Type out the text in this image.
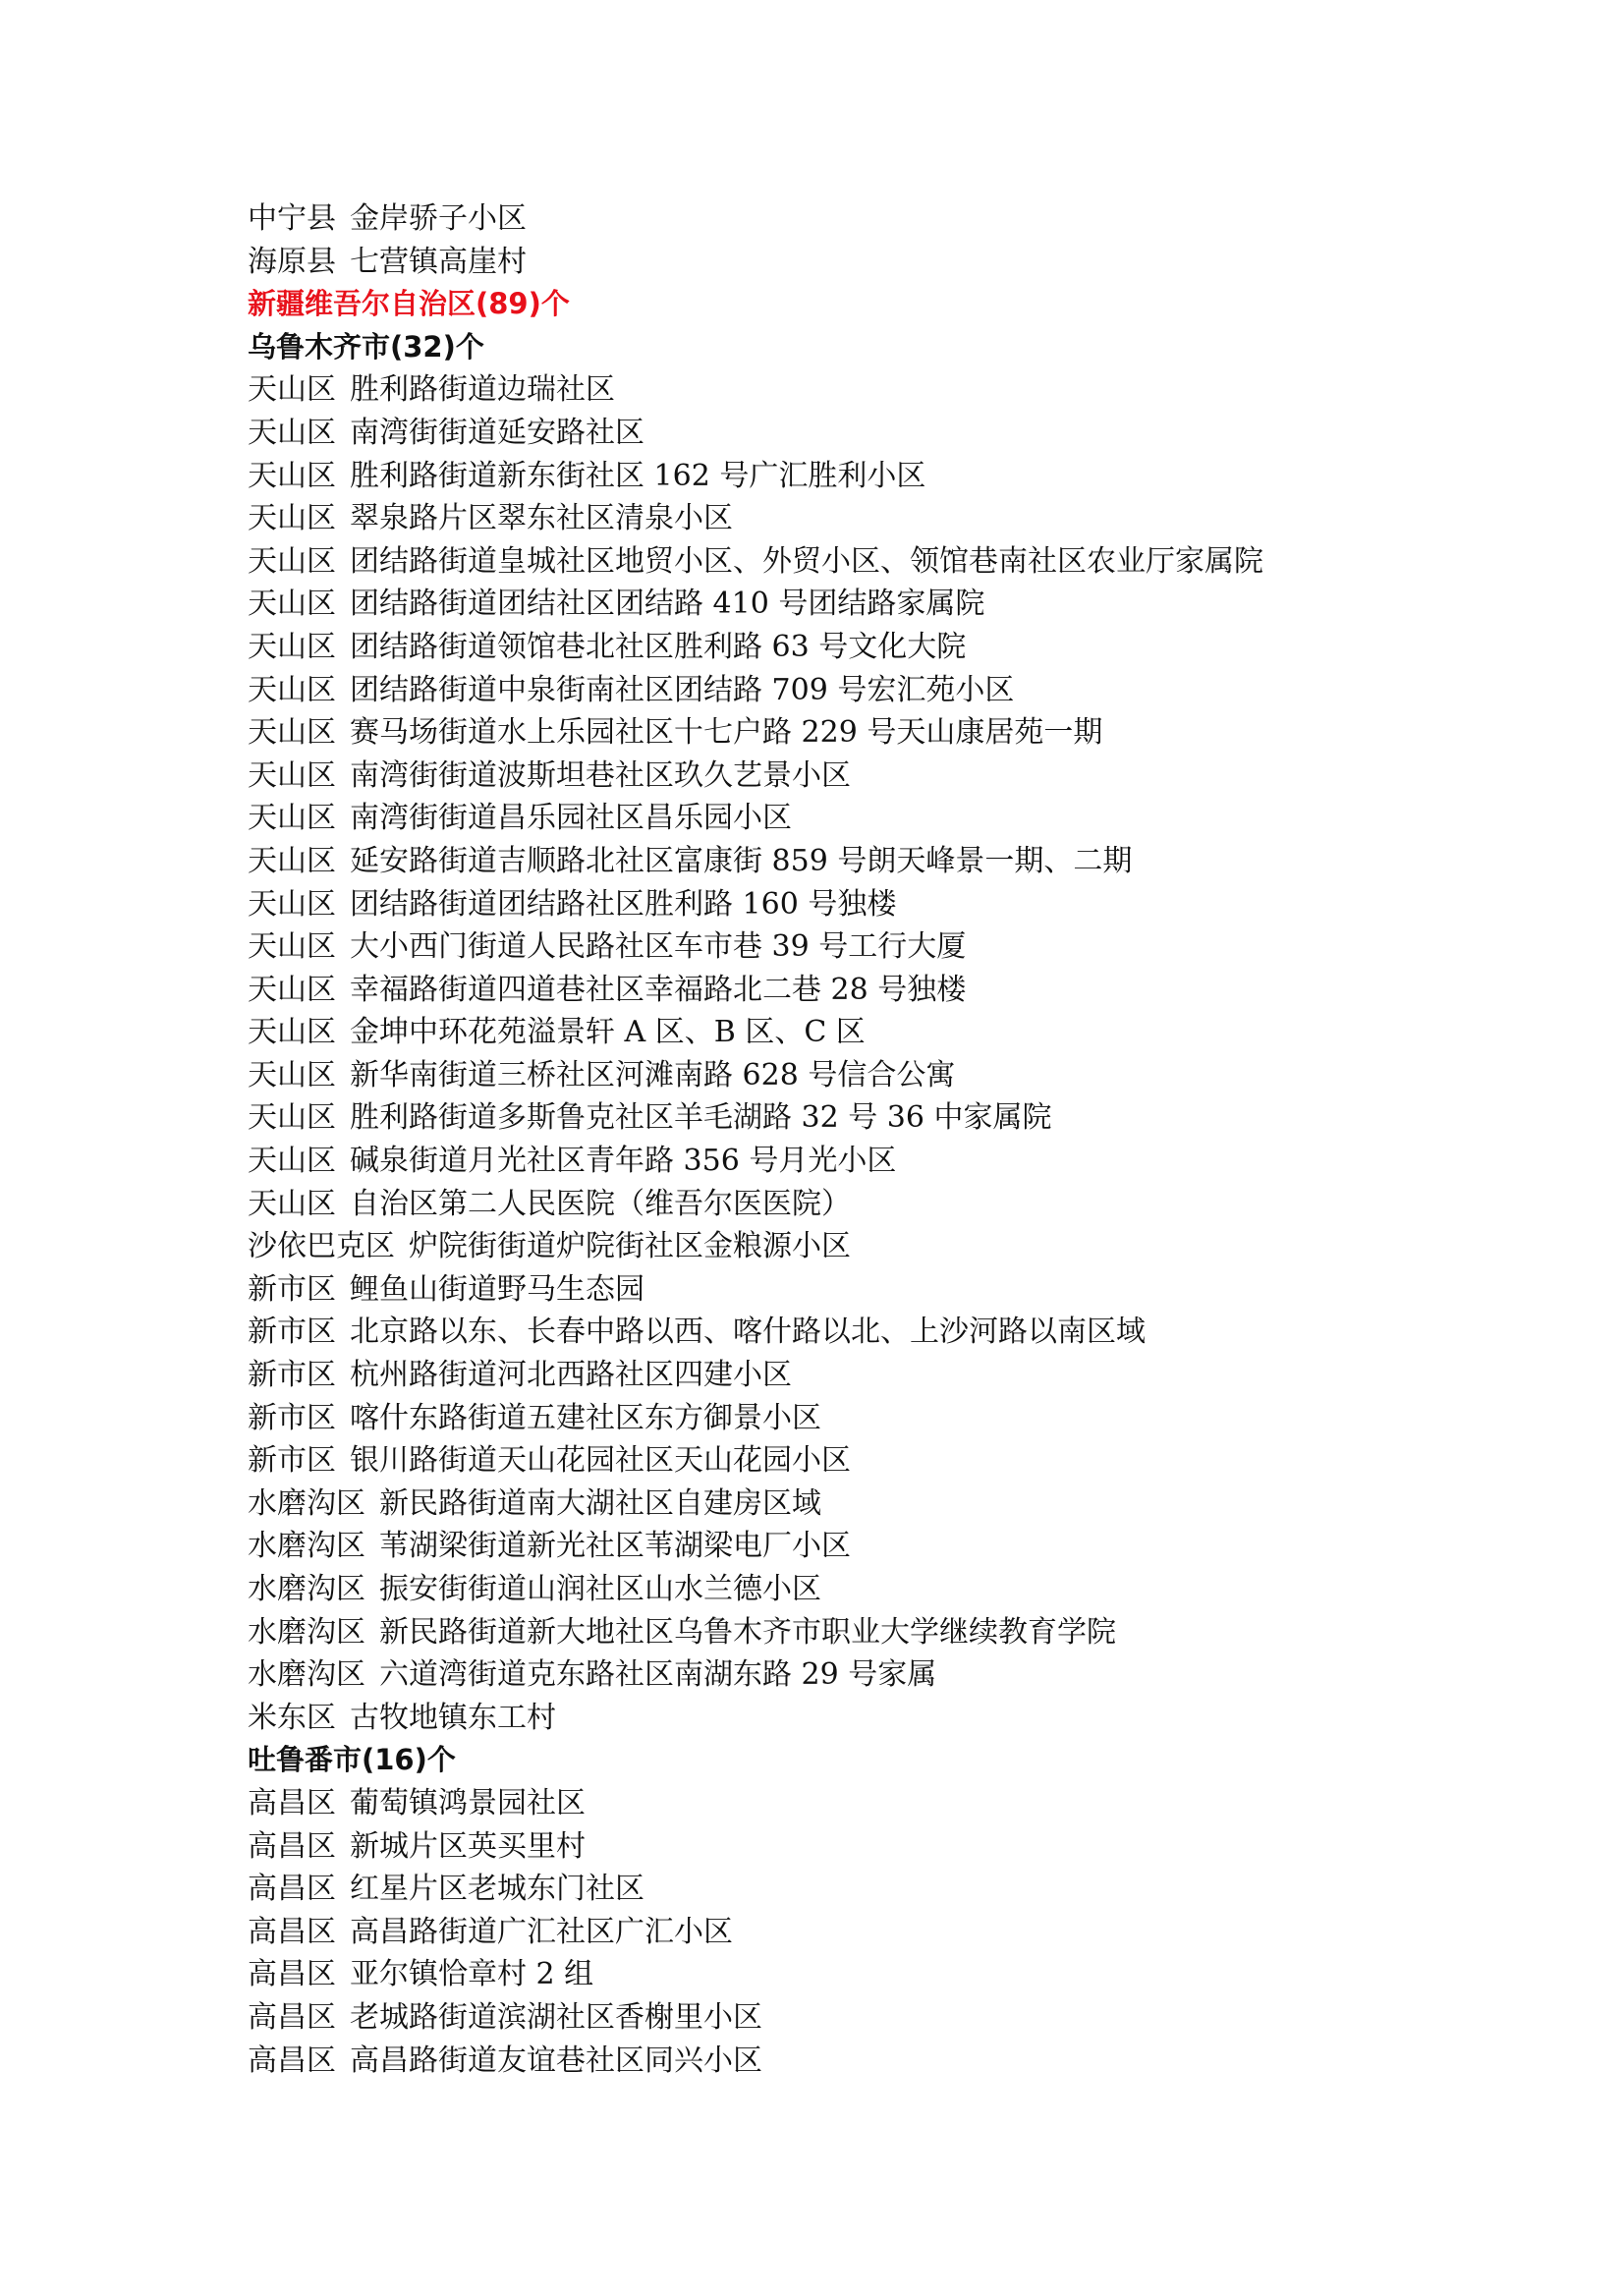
中宁县 金岸骄子小区
海原县 七营镇高崖村
新疆维吾尔自治区(89)个
乌鲁木齐市(32)个
天山区 胜利路街道边瑞社区
天山区 南湾街街道延安路社区
天山区 胜利路街道新东街社区 162 号广汇胜利小区
天山区 翠泉路片区翠东社区清泉小区
天山区 团结路街道皇城社区地贸小区、外贸小区、领馆巷南社区农业厅家属院
天山区 团结路街道团结社区团结路 410 号团结路家属院
天山区 团结路街道领馆巷北社区胜利路 63 号文化大院
天山区 团结路街道中泉街南社区团结路 709 号宏汇苑小区
天山区 赛马场街道水上乐园社区十七户路 229 号天山康居苑一期
天山区 南湾街街道波斯坦巷社区玖久艺景小区
天山区 南湾街街道昌乐园社区昌乐园小区
天山区 延安路街道吉顺路北社区富康街 859 号朗天峰景一期、二期
天山区 团结路街道团结路社区胜利路 160 号独楼
天山区 大小西门街道人民路社区车市巷 39 号工行大厦
天山区 幸福路街道四道巷社区幸福路北二巷 28 号独楼
天山区 金坤中环花苑溢景轩 A 区、B 区、C 区
天山区 新华南街道三桥社区河滩南路 628 号信合公寓
天山区 胜利路街道多斯鲁克社区羊毛湖路 32 号 36 中家属院
天山区 碱泉街道月光社区青年路 356 号月光小区
天山区 自治区第二人民医院（维吾尔医医院）
沙依巴克区 炉院街街道炉院街社区金粮源小区
新市区 鲤鱼山街道野马生态园
新市区 北京路以东、长春中路以西、喀什路以北、上沙河路以南区域
新市区 杭州路街道河北西路社区四建小区
新市区 喀什东路街道五建社区东方御景小区
新市区 银川路街道天山花园社区天山花园小区
水磨沟区 新民路街道南大湖社区自建房区域
水磨沟区 苇湖梁街道新光社区苇湖梁电厂小区
水磨沟区 振安街街道山润社区山水兰德小区
水磨沟区 新民路街道新大地社区乌鲁木齐市职业大学继续教育学院
水磨沟区 六道湾街道克东路社区南湖东路 29 号家属
米东区 古牧地镇东工村
吐鲁番市(16)个
高昌区 葡萄镇鸿景园社区
高昌区 新城片区英买里村
高昌区 红星片区老城东门社区
高昌区 高昌路街道广汇社区广汇小区
高昌区 亚尔镇恰章村 2 组
高昌区 老城路街道滨湖社区香榭里小区
高昌区 高昌路街道友谊巷社区同兴小区
